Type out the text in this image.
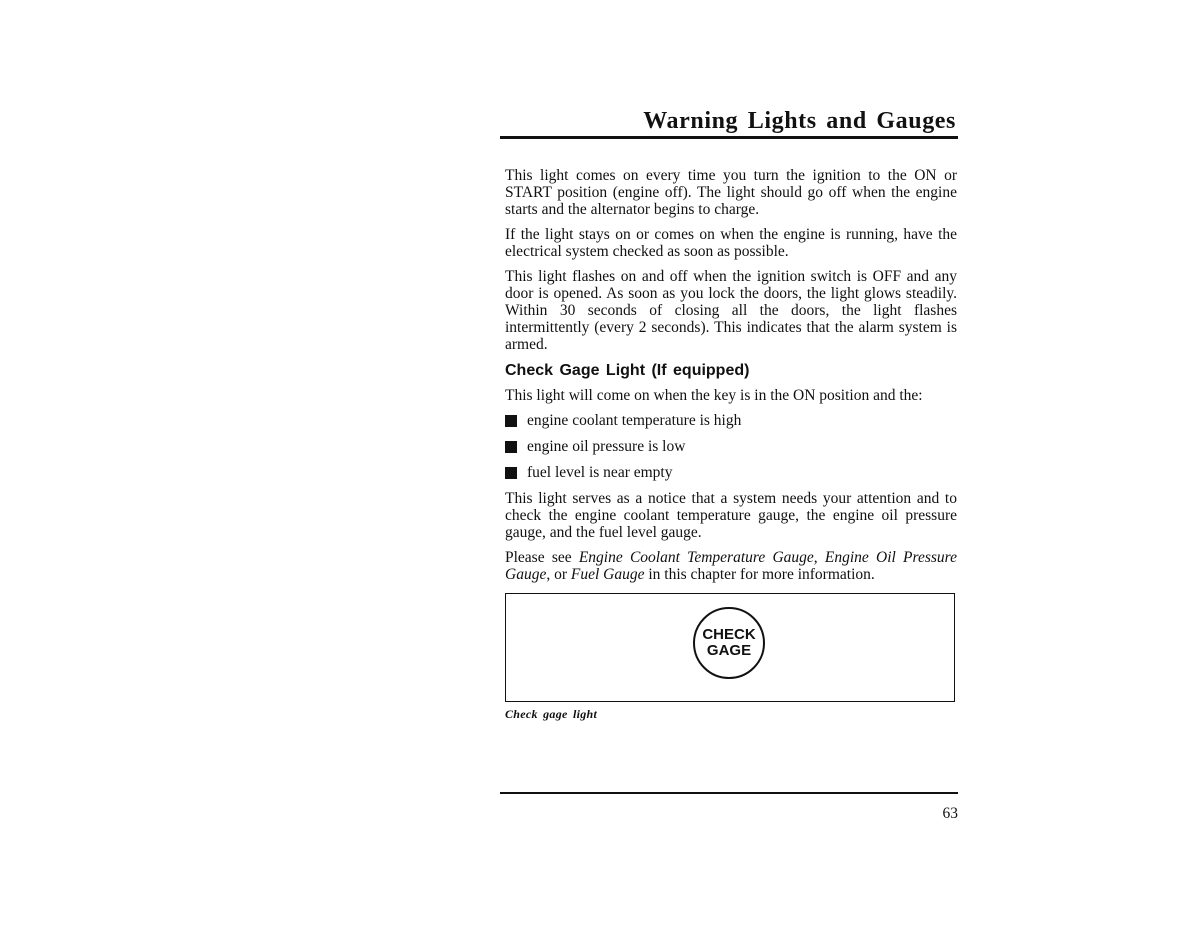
Warning Lights and Gauges

This light comes on every time you turn the ignition to the ON or START position (engine off). The light should go off when the engine starts and the alternator begins to charge.

If the light stays on or comes on when the engine is running, have the electrical system checked as soon as possible.

This light flashes on and off when the ignition switch is OFF and any door is opened. As soon as you lock the doors, the light glows steadily. Within 30 seconds of closing all the doors, the light flashes intermittently (every 2 seconds). This indicates that the alarm system is armed.

Check Gage Light (If equipped)

This light will come on when the key is in the ON position and the:

engine coolant temperature is high
engine oil pressure is low
fuel level is near empty

This light serves as a notice that a system needs your attention and to check the engine coolant temperature gauge, the engine oil pressure gauge, and the fuel level gauge.

Please see Engine Coolant Temperature Gauge, Engine Oil Pressure Gauge, or Fuel Gauge in this chapter for more information.

CHECK
GAGE
Check gage light
63
